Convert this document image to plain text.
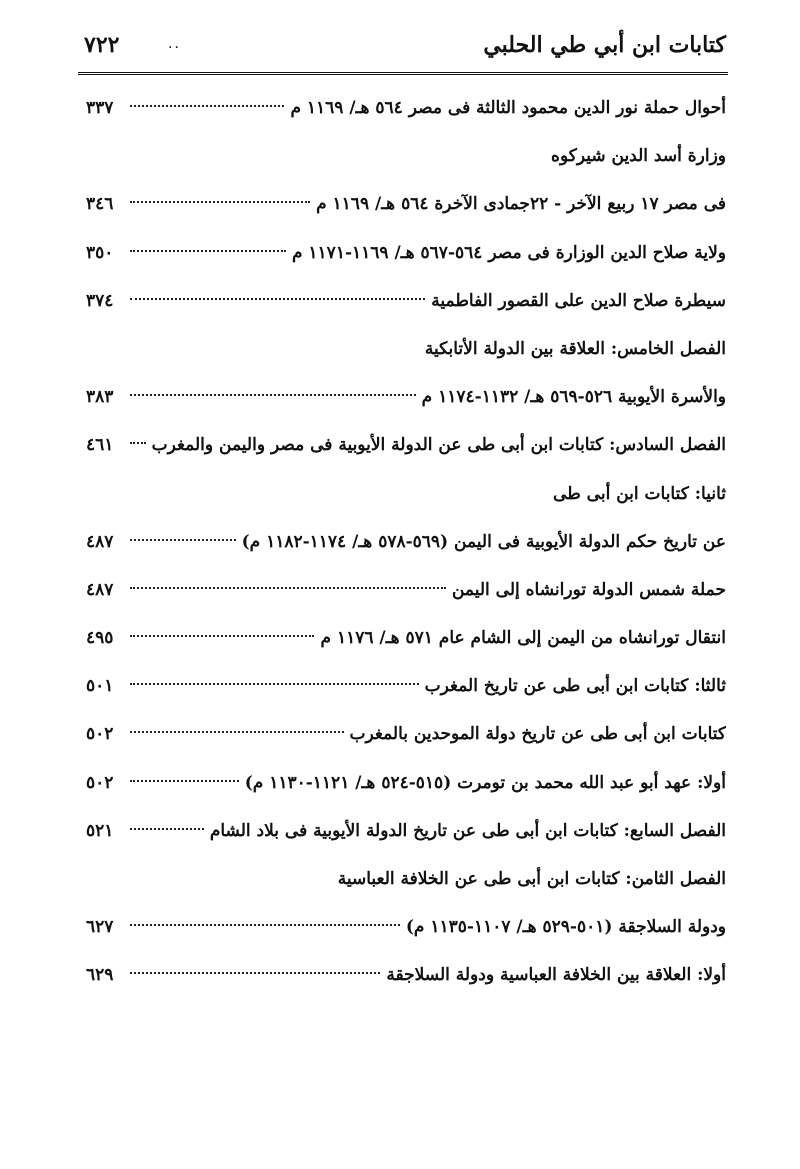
كتابات ابن أبي طي الحلبي
..
٧٢٢
أحوال حملة نور الدين محمود الثالثة فى مصر ٥٦٤ هـ/ ١١٦٩ م
٣٣٧
وزارة أسد الدين شيركوه
فى مصر ١٧ ربيع الآخر - ٢٢جمادى الآخرة ٥٦٤ هـ/ ١١٦٩ م
٣٤٦
ولاية صلاح الدين الوزارة فى مصر ٥٦٤-٥٦٧ هـ/ ١١٦٩-١١٧١ م
٣٥٠
سيطرة صلاح الدين على القصور الفاطمية
٣٧٤
الفصل الخامس: العلاقة بين الدولة الأتابكية
والأسرة الأيوبية ٥٢٦-٥٦٩ هـ/ ١١٣٢-١١٧٤ م
٣٨٣
الفصل السادس: كتابات ابن أبى طى عن الدولة الأيوبية فى مصر واليمن والمغرب
٤٦١
ثانيا: كتابات ابن أبى طى
عن تاريخ حكم الدولة الأيوبية فى اليمن (٥٦٩-٥٧٨ هـ/ ١١٧٤-١١٨٢ م)
٤٨٧
حملة شمس الدولة تورانشاه إلى اليمن
٤٨٧
انتقال تورانشاه من اليمن إلى الشام عام ٥٧١ هـ/ ١١٧٦ م
٤٩٥
ثالثا: كتابات ابن أبى طى عن تاريخ المغرب
٥٠١
كتابات ابن أبى طى عن تاريخ دولة الموحدين بالمغرب
٥٠٢
أولا: عهد أبو عبد الله محمد بن تومرت (٥١٥-٥٢٤ هـ/ ١١٢١-١١٣٠ م)
٥٠٢
الفصل السابع: كتابات ابن أبى طى عن تاريخ الدولة الأيوبية فى بلاد الشام
٥٢١
الفصل الثامن: كتابات ابن أبى طى عن الخلافة العباسية
ودولة السلاجقة (٥٠١-٥٢٩ هـ/ ١١٠٧-١١٣٥ م)
٦٢٧
أولا: العلاقة بين الخلافة العباسية ودولة السلاجقة
٦٢٩
